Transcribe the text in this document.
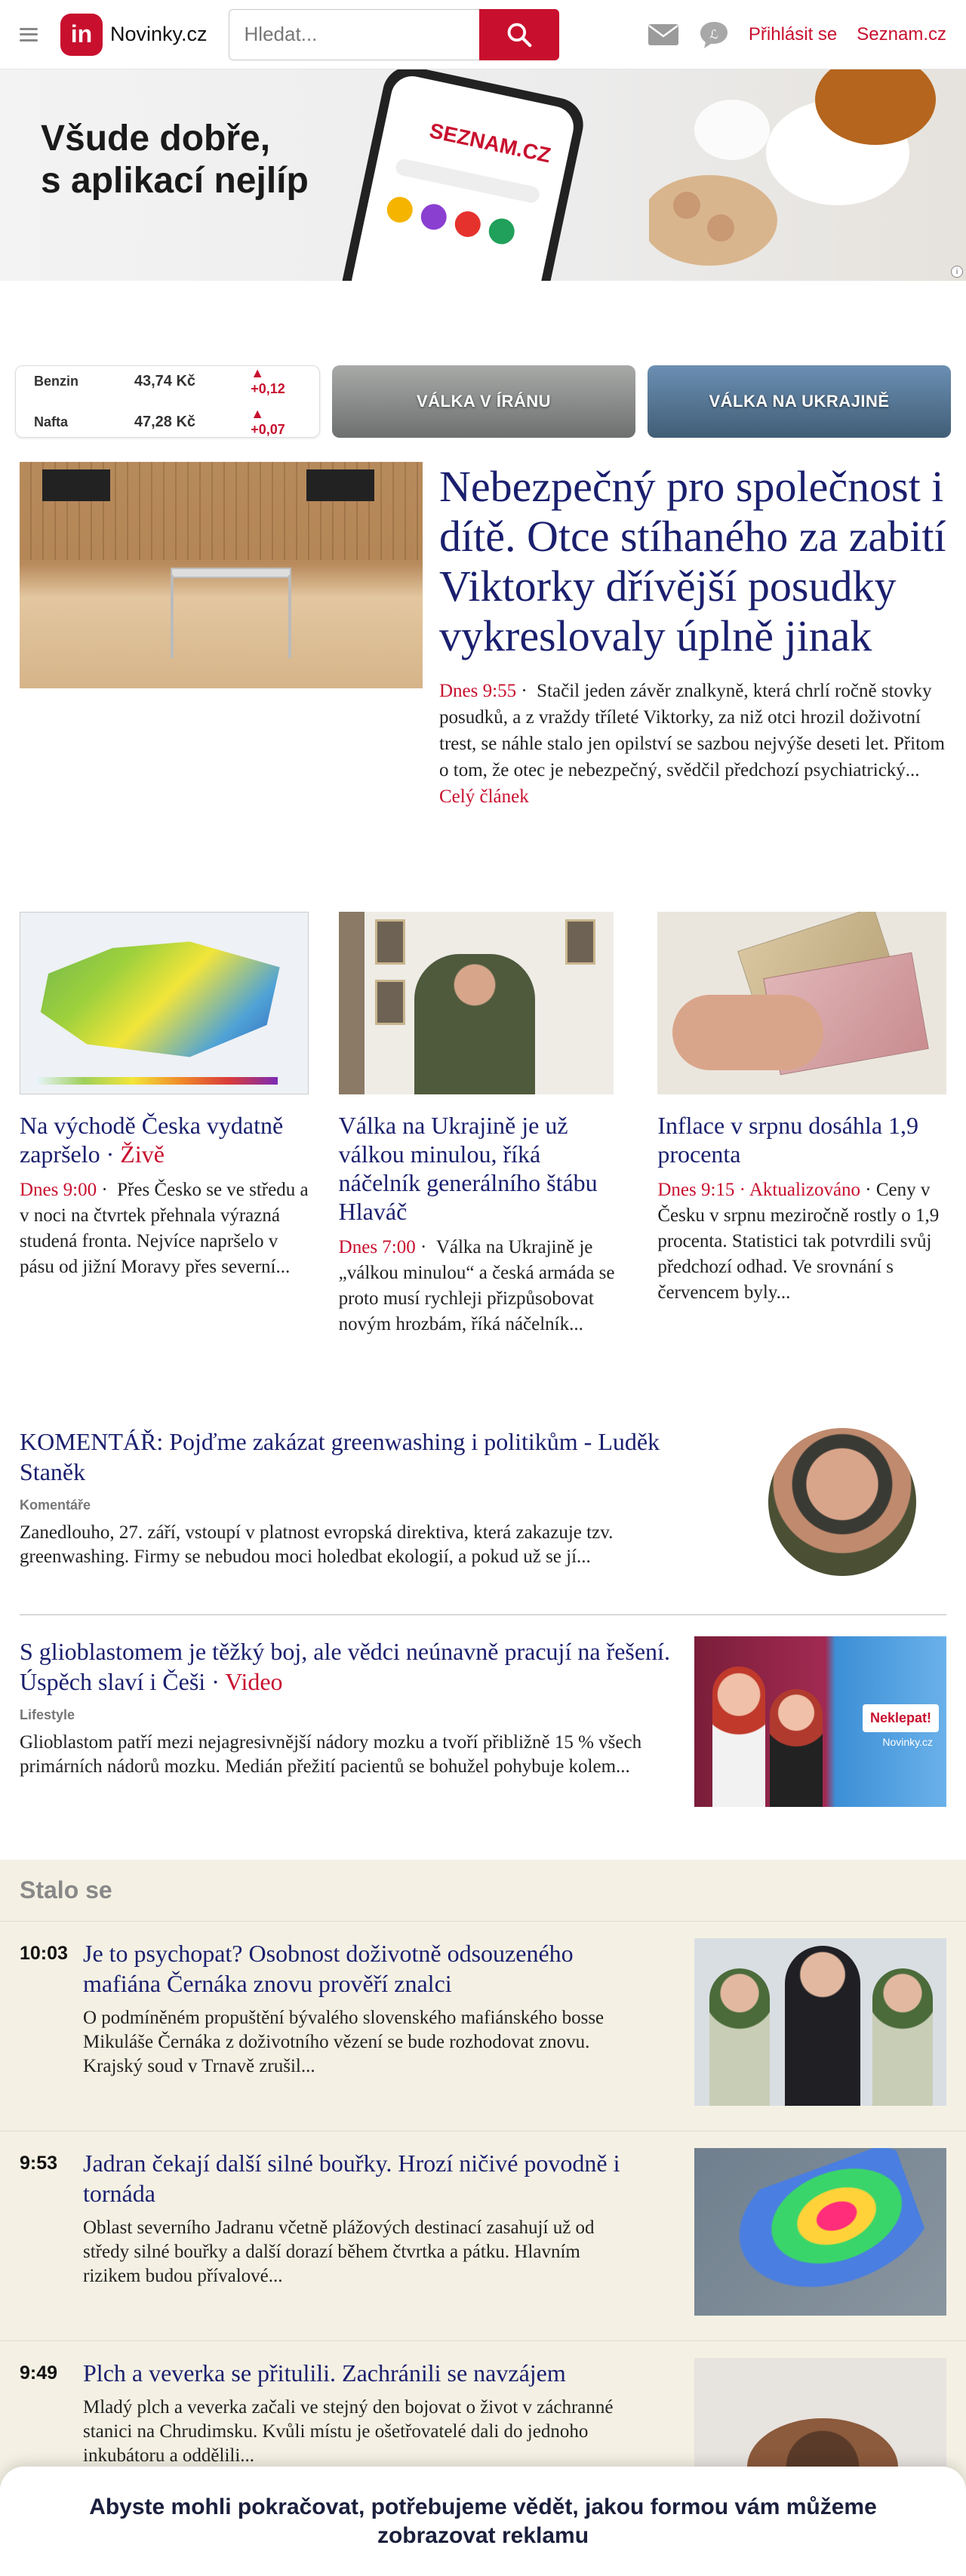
in Novinky.cz
Hledat...	ℒ Přihlásit se Seznam.cz
Všude dobře,
s aplikací nejlíp
SEZNAM.CZ
i
Benzin	43,74 Kč	▲ +0,12
Nafta	47,28 Kč	▲ +0,07
VÁLKA V ÍRÁNU	VÁLKA NA UKRAJINĚ
Nebezpečný pro společnost i dítě. Otce stíhaného za zabití Viktorky dřívější posudky vykreslovaly úplně jinak
Dnes 9:55 ·  Stačil jeden závěr znalkyně, která chrlí ročně stovky posudků, a z vraždy tříleté Viktorky, za niž otci hrozil doživotní trest, se náhle stalo jen opilství se sazbou nejvýše deseti let. Přitom o tom, že otec je nebezpečný, svědčil předchozí psychiatrický... Celý článek
Na východě Česka vydatně zapršelo · Živě
Dnes 9:00 ·  Přes Česko se ve středu a v noci na čtvrtek přehnala výrazná studená fronta. Nejvíce napršelo v pásu od jižní Moravy přes severní...
Válka na Ukrajině je už válkou minulou, říká náčelník generálního štábu Hlaváč
Dnes 7:00 ·  Válka na Ukrajině je „válkou minulou“ a česká armáda se proto musí rychleji přizpůsobovat novým hrozbám, říká náčelník...
Inflace v srpnu dosáhla 1,9 procenta
Dnes 9:15 · Aktualizováno · Ceny v Česku v srpnu meziročně rostly o 1,9 procenta. Statistici tak potvrdili svůj předchozí odhad. Ve srovnání s červencem byly...
KOMENTÁŘ: Pojďme zakázat greenwashing i politikům - Luděk Staněk
Komentáře
Zanedlouho, 27. září, vstoupí v platnost evropská direktiva, která zakazuje tzv. greenwashing. Firmy se nebudou moci holedbat ekologií, a pokud už se jí...
S glioblastomem je těžký boj, ale vědci neúnavně pracují na řešení. Úspěch slaví i Češi · Video
Lifestyle
Glioblastom patří mezi nejagresivnější nádory mozku a tvoří přibližně 15 % všech primárních nádorů mozku. Medián přežití pacientů se bohužel pohybuje kolem...
Neklepat!
Novinky.cz
Stalo se
10:03 Je to psychopat? Osobnost doživotně odsouzeného mafiána Černáka znovu prověří znalci
O podmíněném propuštění bývalého slovenského mafiánského bosse Mikuláše Černáka z doživotního vězení se bude rozhodovat znovu. Krajský soud v Trnavě zrušil...
9:53	Jadran čekají další silné bouřky. Hrozí ničivé povodně i tornáda
Oblast severního Jadranu včetně plážových destinací zasahují už od středy silné bouřky a další dorazí během čtvrtka a pátku. Hlavním rizikem budou přívalové...
9:49	Plch a veverka se přitulili. Zachránili se navzájem
Mladý plch a veverka začali ve stejný den bojovat o život v záchranné stanici na Chrudimsku. Kvůli místu je ošetřovatelé dali do jednoho inkubátoru a oddělili...
Abyste mohli pokračovat, potřebujeme vědět, jakou formou vám můžeme zobrazovat reklamu
